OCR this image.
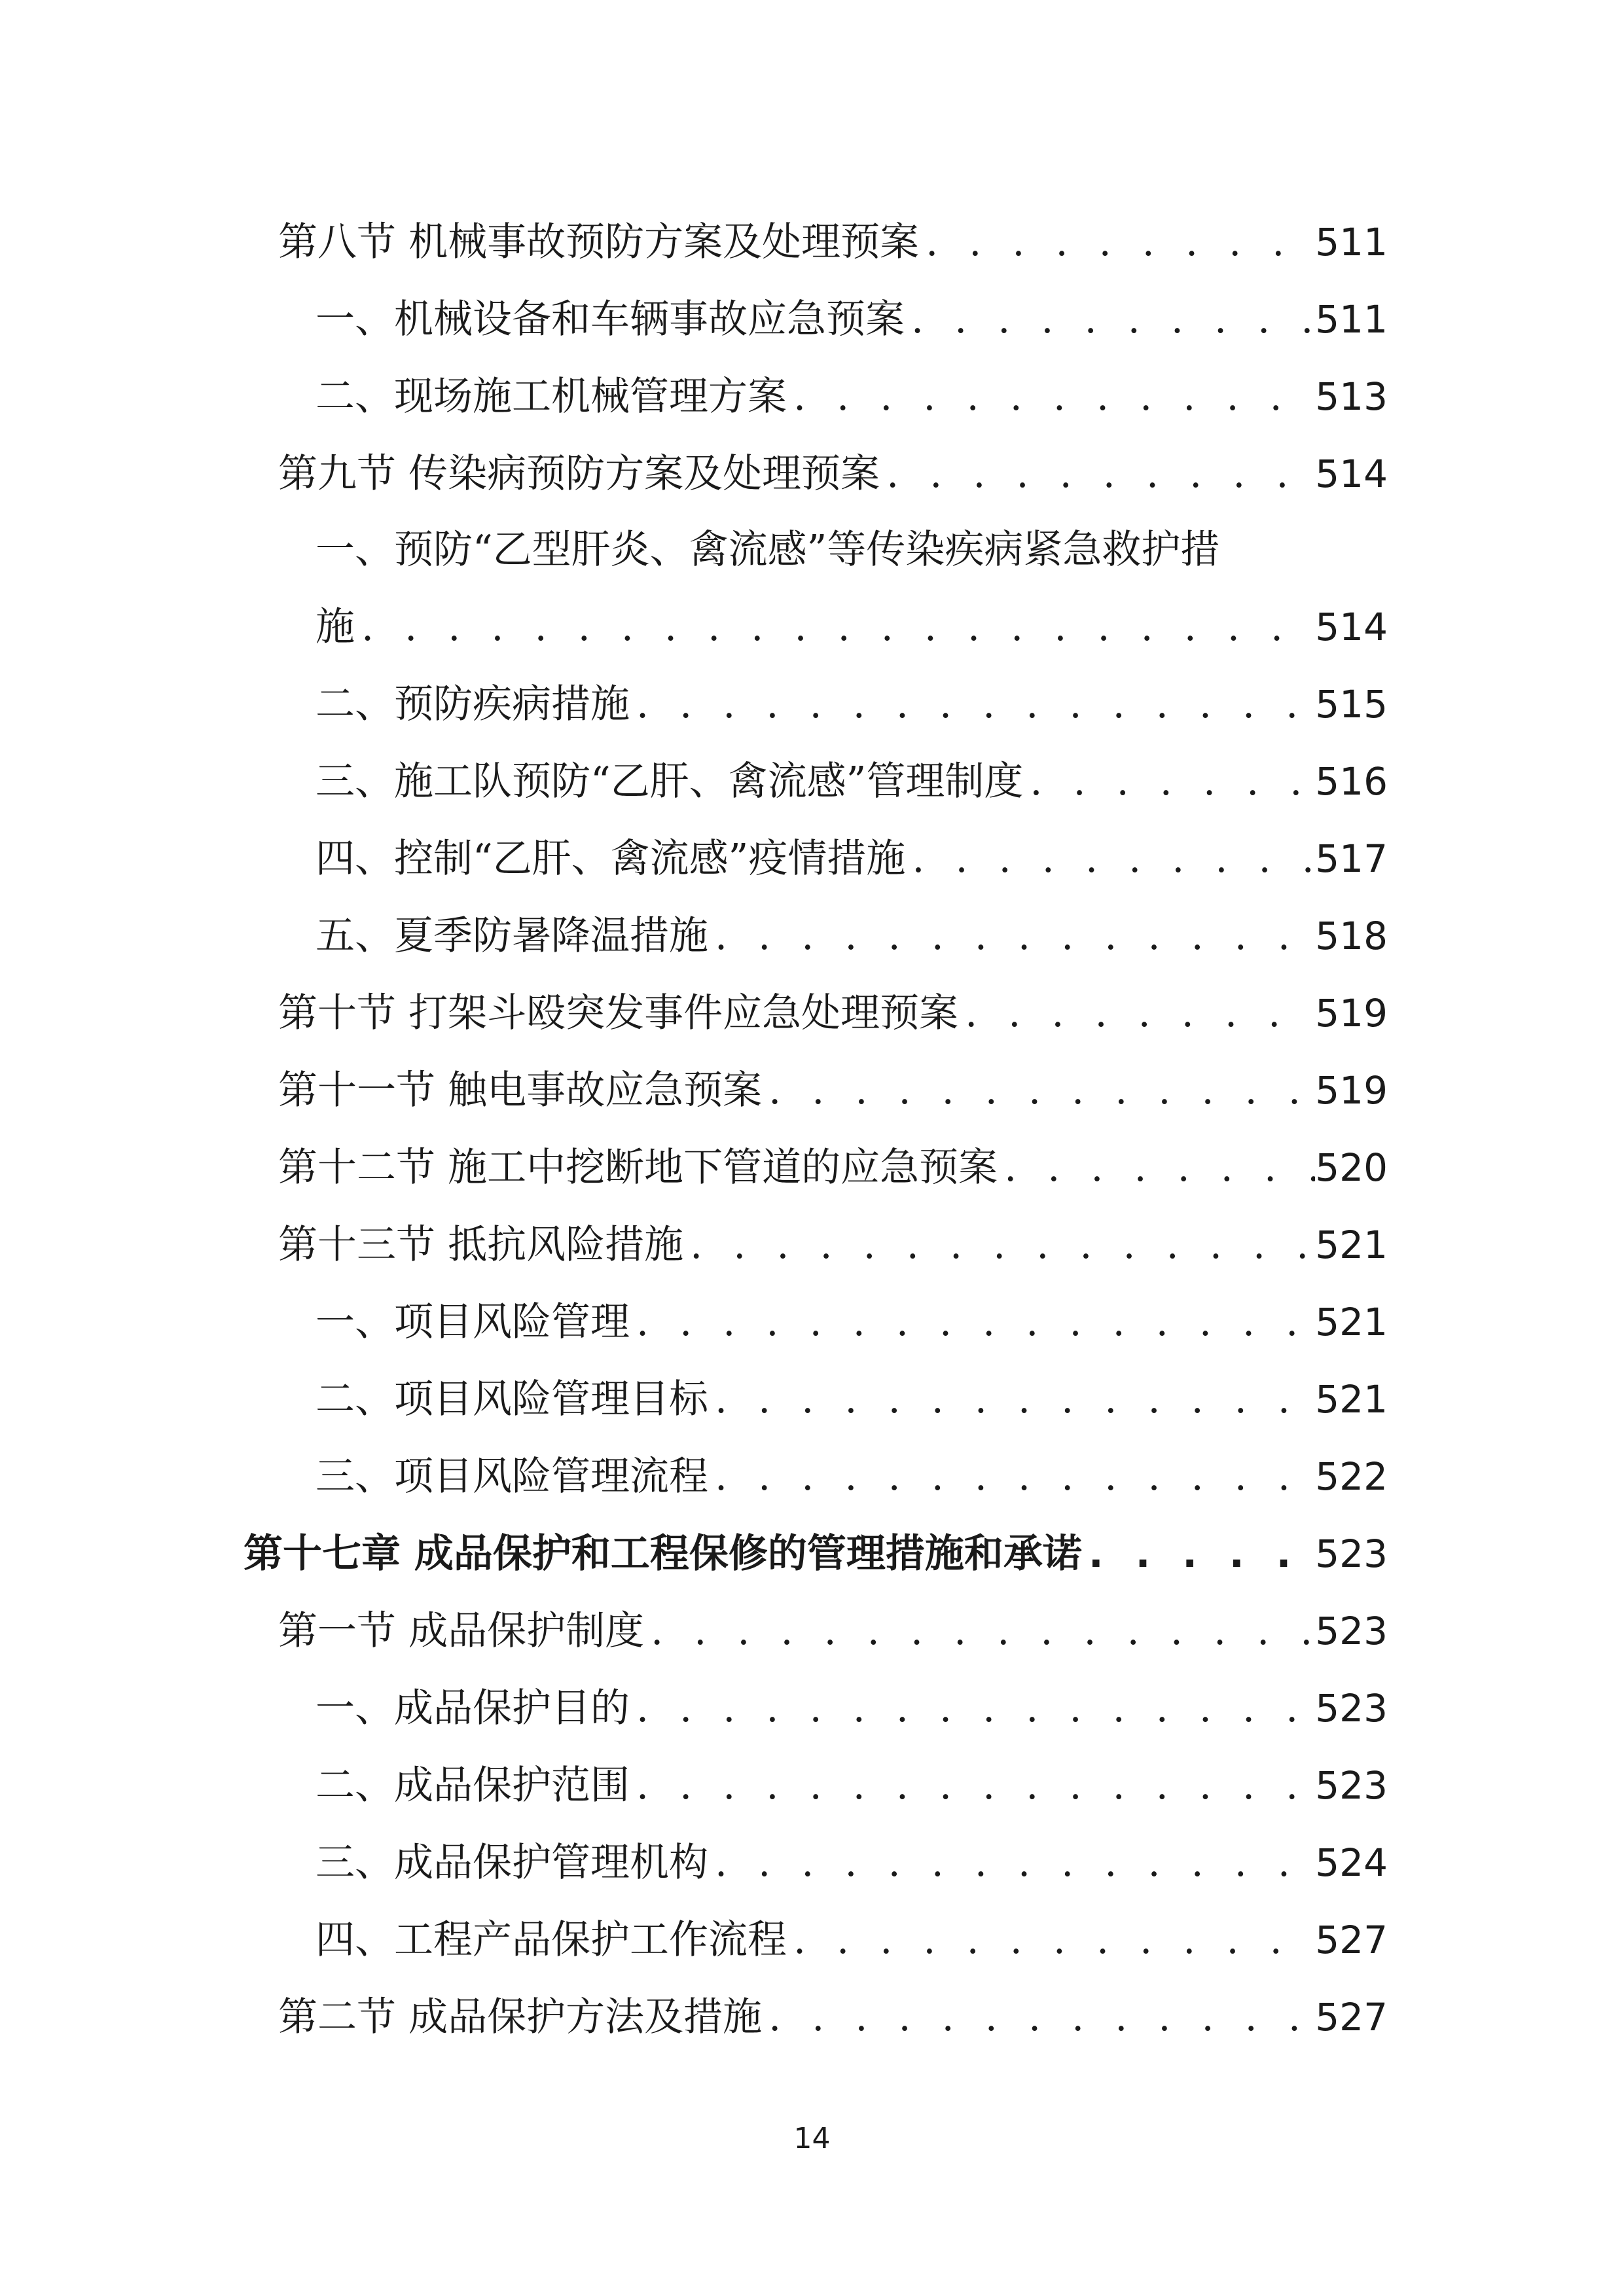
第八节 机械事故预防方案及处理预案 . . .	511
一、机械设备和车辆事故应急预案 . . .	511
二、现场施工机械管理方案 . . .	513
第九节 传染病预防方案及处理预案 . . .	514
一、预防“乙型肝炎、禽流感”等传染疾病紧急救护措
施 . . .	514
二、预防疾病措施 . . .	515
三、施工队预防“乙肝、禽流感”管理制度 . . .	516
四、控制“乙肝、禽流感”疫情措施 . . .	517
五、夏季防暑降温措施 . . .	518
第十节 打架斗殴突发事件应急处理预案 . . .	519
第十一节 触电事故应急预案 . . .	519
第十二节 施工中挖断地下管道的应急预案 . . .	520
第十三节 抵抗风险措施 . . .	521
一、项目风险管理 . . .	521
二、项目风险管理目标 . . .	521
三、项目风险管理流程 . . .	522
第十七章 成品保护和工程保修的管理措施和承诺 . . .	523
第一节 成品保护制度 . . .	523
一、成品保护目的 . . .	523
二、成品保护范围 . . .	523
三、成品保护管理机构 . . .	524
四、工程产品保护工作流程 . . .	527
第二节 成品保护方法及措施 . . .	527
14
